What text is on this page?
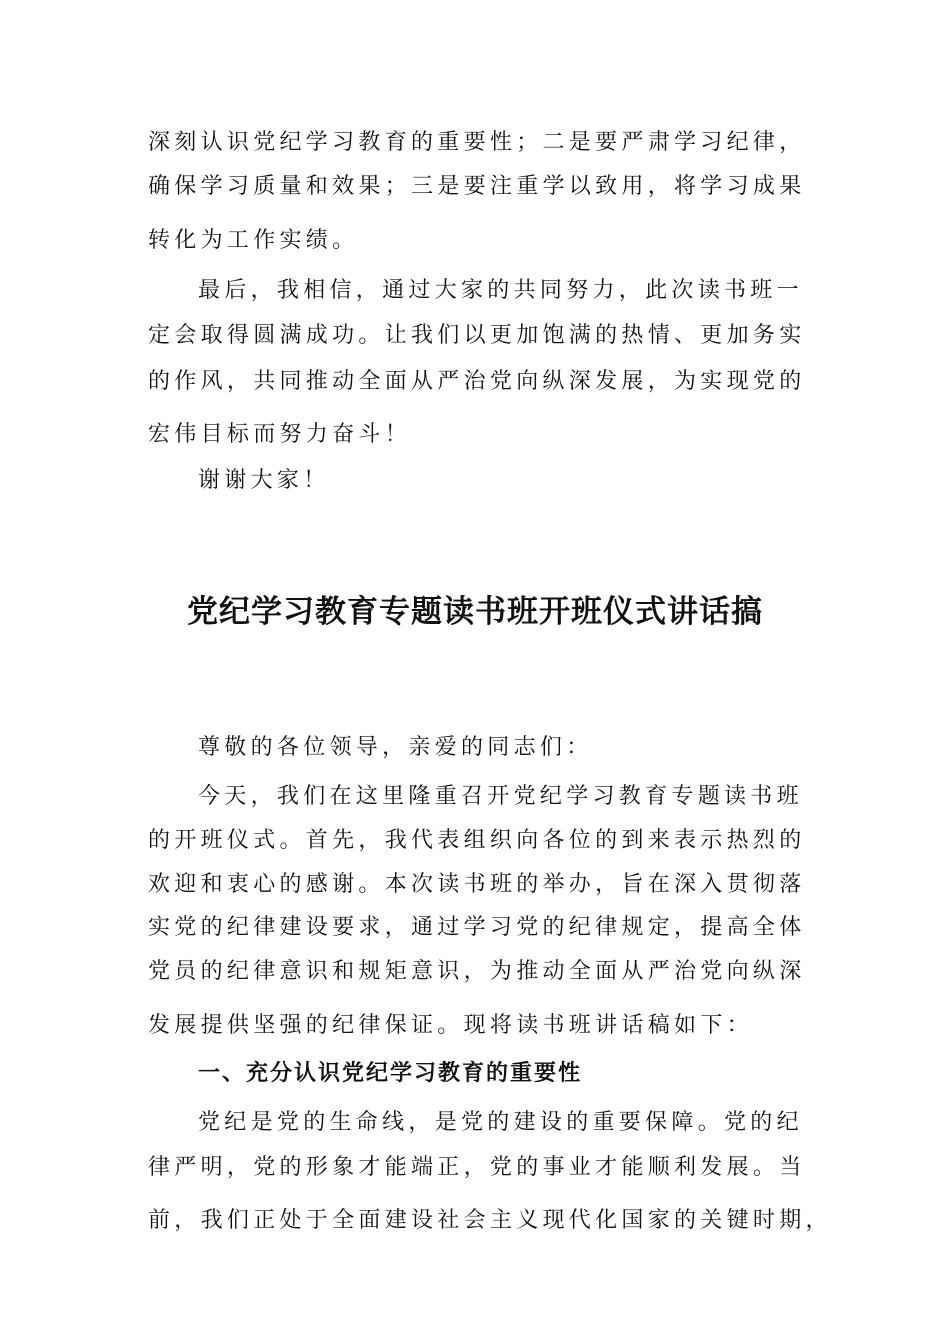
深刻认识党纪学习教育的重要性；二是要严肃学习纪律，
确保学习质量和效果；三是要注重学以致用，将学习成果
转化为工作实绩。
最后，我相信，通过大家的共同努力，此次读书班一
定会取得圆满成功。让我们以更加饱满的热情、更加务实
的作风，共同推动全面从严治党向纵深发展，为实现党的
宏伟目标而努力奋斗！
谢谢大家！
党纪学习教育专题读书班开班仪式讲话搞
尊敬的各位领导，亲爱的同志们：
今天，我们在这里隆重召开党纪学习教育专题读书班
的开班仪式。首先，我代表组织向各位的到来表示热烈的
欢迎和衷心的感谢。本次读书班的举办，旨在深入贯彻落
实党的纪律建设要求，通过学习党的纪律规定，提高全体
党员的纪律意识和规矩意识，为推动全面从严治党向纵深
发展提供坚强的纪律保证。现将读书班讲话稿如下：
一、充分认识党纪学习教育的重要性
党纪是党的生命线，是党的建设的重要保障。党的纪
律严明，党的形象才能端正，党的事业才能顺利发展。当
前，我们正处于全面建设社会主义现代化国家的关键时期，
